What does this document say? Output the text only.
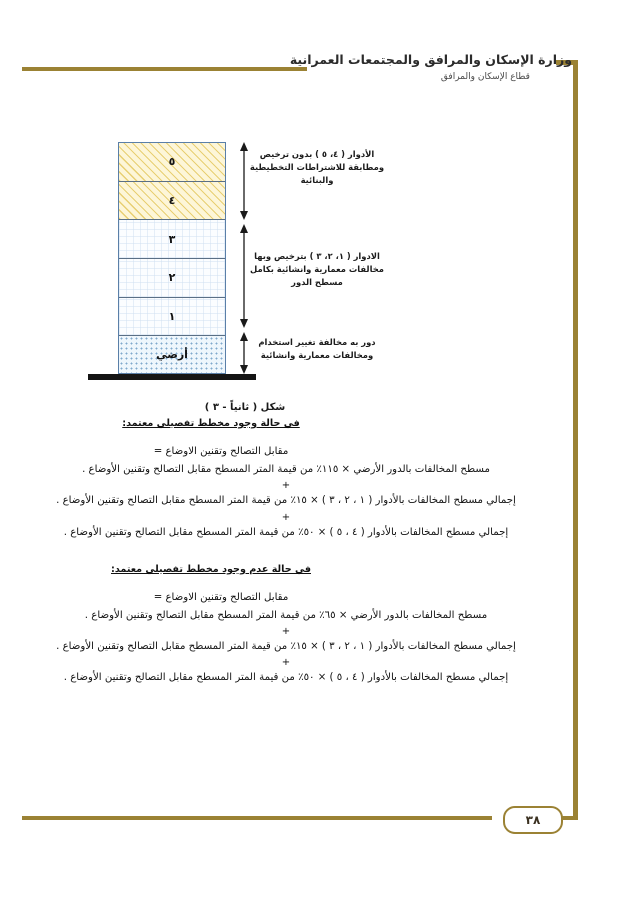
وزارة الإسكان والمرافق والمجتمعات العمرانية
قطاع الإسكان والمرافق
٥
٤
٣
٢
١
أرضي
الأدوار ( ٤، ٥ ) بدون ترخيص ومطابقة للاشتراطات التخطيطية والبنائية
الادوار ( ١، ٢، ٣ ) بترخيص وبها مخالفات معمارية وانشائية بكامل مسطح الدور
دور به مخالفة تغيير استخدام ومخالفات معمارية وانشائية
شكل ( ثانياً - ٣ )
في حالة وجود مخطط تفصيلي معتمد:
مقابل التصالح وتقنين الاوضاع =
مسطح المخالفات بالدور الأرضي × ١١٥٪ من قيمة المتر المسطح مقابل التصالح وتقنين الأوضاع .
+
إجمالي مسطح المخالفات بالأدوار ( ١ ، ٢ ، ٣ ) × ١٥٪ من قيمة المتر المسطح مقابل التصالح وتقنين الأوضاع .
+
إجمالي مسطح المخالفات بالأدوار ( ٤ ، ٥ ) × ٥٠٪ من قيمة المتر المسطح مقابل التصالح وتقنين الأوضاع .
في حالة عدم وجود مخطط تفصيلي معتمد:
مقابل التصالح وتقنين الاوضاع =
مسطح المخالفات بالدور الأرضي × ٦٥٪ من قيمة المتر المسطح مقابل التصالح وتقنين الأوضاع .
+
إجمالي مسطح المخالفات بالأدوار ( ١ ، ٢ ، ٣ ) × ١٥٪ من قيمة المتر المسطح مقابل التصالح وتقنين الأوضاع .
+
إجمالي مسطح المخالفات بالأدوار ( ٤ ، ٥ ) × ٥٠٪ من قيمة المتر المسطح مقابل التصالح وتقنين الأوضاع .
٣٨
